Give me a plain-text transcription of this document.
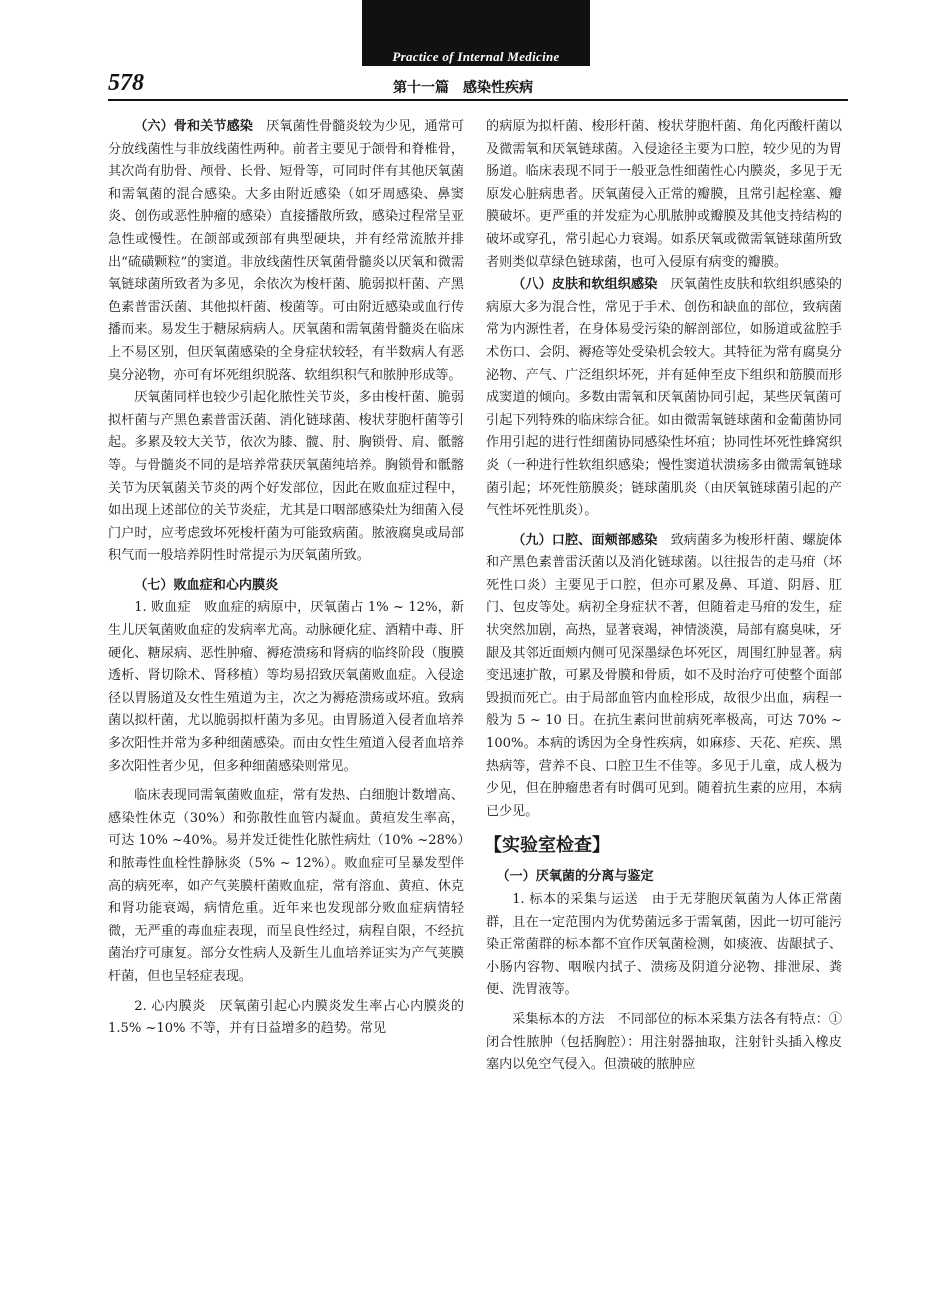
Practice of Internal Medicine
578	第十一篇　感染性疾病

（六）骨和关节感染　 厌氧菌性骨髓炎较为少见，通常可分放线菌性与非放线菌性两种。前者主要见于颌骨和脊椎骨，其次尚有肋骨、颅骨、长骨、短骨等，可同时伴有其他厌氧菌和需氧菌的混合感染。大多由附近感染（如牙周感染、鼻窦炎、创伤或恶性肿瘤的感染）直接播散所致，感染过程常呈亚急性或慢性。在颌部或颈部有典型硬块，并有经常流脓并排出“硫磺颗粒”的窦道。非放线菌性厌氧菌骨髓炎以厌氧和微需氧链球菌所致者为多见，余依次为梭杆菌、脆弱拟杆菌、产黑色素普雷沃菌、其他拟杆菌、梭菌等。可由附近感染或血行传播而来。易发生于糖尿病病人。厌氧菌和需氧菌骨髓炎在临床上不易区别，但厌氧菌感染的全身症状较轻，有半数病人有恶臭分泌物，亦可有坏死组织脱落、软组织积气和脓肿形成等。

厌氧菌同样也较少引起化脓性关节炎，多由梭杆菌、脆弱拟杆菌与产黑色素普雷沃菌、消化链球菌、梭状芽胞杆菌等引起。多累及较大关节，依次为膝、髋、肘、胸锁骨、肩、骶髂等。与骨髓炎不同的是培养常获厌氧菌纯培养。胸锁骨和骶髂关节为厌氧菌关节炎的两个好发部位，因此在败血症过程中，如出现上述部位的关节炎症，尤其是口咽部感染灶为细菌入侵门户时，应考虑致坏死梭杆菌为可能致病菌。脓液腐臭或局部积气而一般培养阴性时常提示为厌氧菌所致。

（七）败血症和心内膜炎

1. 败血症　 败血症的病原中，厌氧菌占 1% ~ 12%，新生儿厌氧菌败血症的发病率尤高。动脉硬化症、酒精中毒、肝硬化、糖尿病、恶性肿瘤、褥疮溃疡和肾病的临终阶段（腹膜透析、肾切除术、肾移植）等均易招致厌氧菌败血症。入侵途径以胃肠道及女性生殖道为主，次之为褥疮溃疡或坏疽。致病菌以拟杆菌，尤以脆弱拟杆菌为多见。由胃肠道入侵者血培养多次阳性并常为多种细菌感染。而由女性生殖道入侵者血培养多次阳性者少见，但多种细菌感染则常见。

临床表现同需氧菌败血症，常有发热、白细胞计数增高、感染性休克（30%）和弥散性血管内凝血。黄疸发生率高，可达 10% ~40%。易并发迁徙性化脓性病灶（10% ~28%）和脓毒性血栓性静脉炎（5% ~ 12%）。败血症可呈暴发型伴高的病死率，如产气荚膜杆菌败血症，常有溶血、黄疸、休克和肾功能衰竭，病情危重。近年来也发现部分败血症病情轻微，无严重的毒血症表现，而呈良性经过，病程自限，不经抗菌治疗可康复。部分女性病人及新生儿血培养证实为产气荚膜杆菌，但也呈轻症表现。

2. 心内膜炎　 厌氧菌引起心内膜炎发生率占心内膜炎的 1.5% ~10% 不等，并有日益增多的趋势。常见

的病原为拟杆菌、梭形杆菌、梭状芽胞杆菌、角化丙酸杆菌以及微需氧和厌氧链球菌。入侵途径主要为口腔，较少见的为胃肠道。临床表现不同于一般亚急性细菌性心内膜炎，多见于无原发心脏病患者。厌氧菌侵入正常的瓣膜，且常引起栓塞、瓣膜破坏。更严重的并发症为心肌脓肿或瓣膜及其他支持结构的破坏或穿孔，常引起心力衰竭。如系厌氧或微需氧链球菌所致者则类似草绿色链球菌，也可入侵原有病变的瓣膜。

（八）皮肤和软组织感染　 厌氧菌性皮肤和软组织感染的病原大多为混合性，常见于手术、创伤和缺血的部位，致病菌常为内源性者，在身体易受污染的解剖部位，如肠道或盆腔手术伤口、会阴、褥疮等处受染机会较大。其特征为常有腐臭分泌物、产气、广泛组织坏死，并有延伸至皮下组织和筋膜而形成窦道的倾向。多数由需氧和厌氧菌协同引起，某些厌氧菌可引起下列特殊的临床综合征。如由微需氧链球菌和金葡菌协同作用引起的进行性细菌协同感染性坏疽；协同性坏死性蜂窝织炎（一种进行性软组织感染；慢性窦道状溃疡多由微需氧链球菌引起；坏死性筋膜炎；链球菌肌炎（由厌氧链球菌引起的产气性坏死性肌炎）。

（九）口腔、面颊部感染　 致病菌多为梭形杆菌、螺旋体和产黑色素普雷沃菌以及消化链球菌。以往报告的走马疳（坏死性口炎）主要见于口腔，但亦可累及鼻、耳道、阴唇、肛门、包皮等处。病初全身症状不著，但随着走马疳的发生，症状突然加剧，高热，显著衰竭，神情淡漠，局部有腐臭味，牙龈及其邻近面颊内侧可见深墨绿色坏死区，周围红肿显著。病变迅速扩散，可累及骨膜和骨质，如不及时治疗可使整个面部毁损而死亡。由于局部血管内血栓形成，故很少出血，病程一般为 5 ~ 10 日。在抗生素问世前病死率极高，可达 70% ~ 100%。本病的诱因为全身性疾病，如麻疹、天花、疟疾、黑热病等，营养不良、口腔卫生不佳等。多见于儿童，成人极为少见，但在肿瘤患者有时偶可见到。随着抗生素的应用，本病已少见。

【实验室检查】

（一）厌氧菌的分离与鉴定

1. 标本的采集与运送　 由于无芽胞厌氧菌为人体正常菌群，且在一定范围内为优势菌远多于需氧菌，因此一切可能污染正常菌群的标本都不宜作厌氧菌检测，如痰液、齿龈拭子、小肠内容物、咽喉内拭子、溃疡及阴道分泌物、排泄尿、粪便、洗胃液等。

采集标本的方法　 不同部位的标本采集方法各有特点：①闭合性脓肿（包括胸腔）：用注射器抽取，注射针头插入橡皮塞内以免空气侵入。但溃破的脓肿应
